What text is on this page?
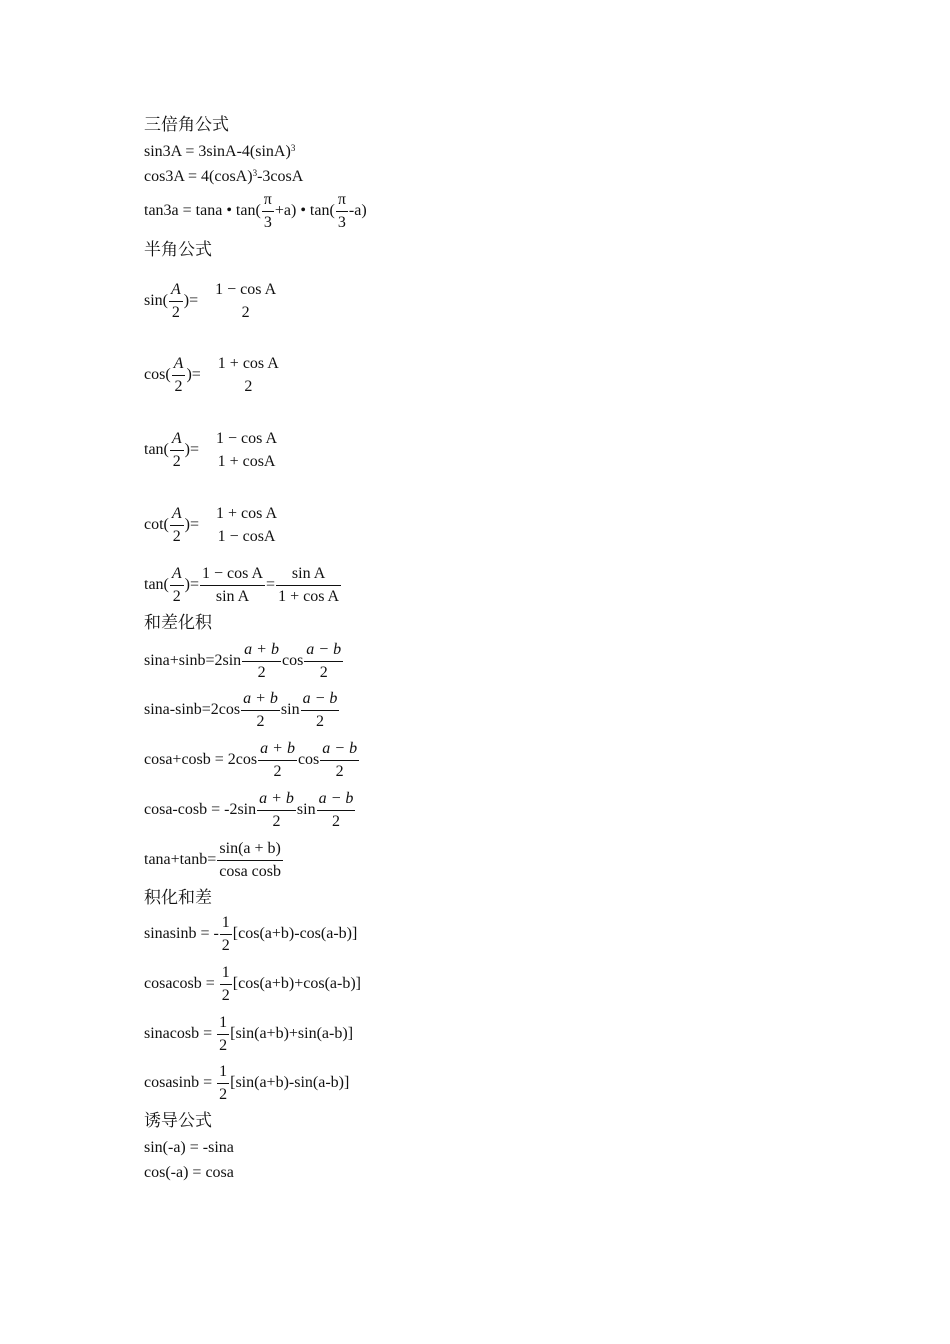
三倍角公式
$\sin 3A = 3\sin A-4(\sin A)^3$
$\cos 3A = 4(\cos A)^3-3\cos A$
tan3a = tana • $\tan( \frac{\pi}{3} +a)$ • $\tan( \frac{\pi}{3} -a)$
半角公式
$\sin( \frac{A}{2}$ )=
1 − cos A
2
$\cos( \frac{A}{2}$ )=
1 + cos A
2
$\tan( \frac{A}{2}$ )=
1 − cos A
1 + cosA
$\cot( \frac{A}{2}$ )=
1 + cos A
1 − cosA
$\tan( \frac{A}{2}$ )= $\frac{\text{1 − cos A}}{\text{sin A}} = \frac{\text{sin A}}{\text{1 + cos A}}$
和差化积
$\sin a+\sin b=2\sin \frac{a + b}{2}$ $\cos \frac{a - b}{2}$
$\sin a-\sin b=2\cos \frac{a + b}{2}$ $\sin \frac{a - b}{2}$
$\cos a+\cos b = 2\cos \frac{a + b}{2}$ $\cos \frac{a - b}{2}$
$\cos a-\cos b = -2\sin \frac{a + b}{2}$ $\sin \frac{a - b}{2}$
$\tan a+\tan b= \frac{\sin(a + b)}{\text{cosa cosb}}$
积化和差
sinasinb = - $\frac{1}{2} [\cos(a+b)-\cos(a-b)]$
cosacosb = $\frac{1}{2} [\cos(a+b)+\cos(a-b)]$
sinacosb = $\frac{1}{2} [\sin(a+b)+\sin(a-b)]$
cosasinb = $\frac{1}{2} [\sin(a+b)-\sin(a-b)]$
诱导公式
sin(-a) = -sina
cos(-a) = cosa
